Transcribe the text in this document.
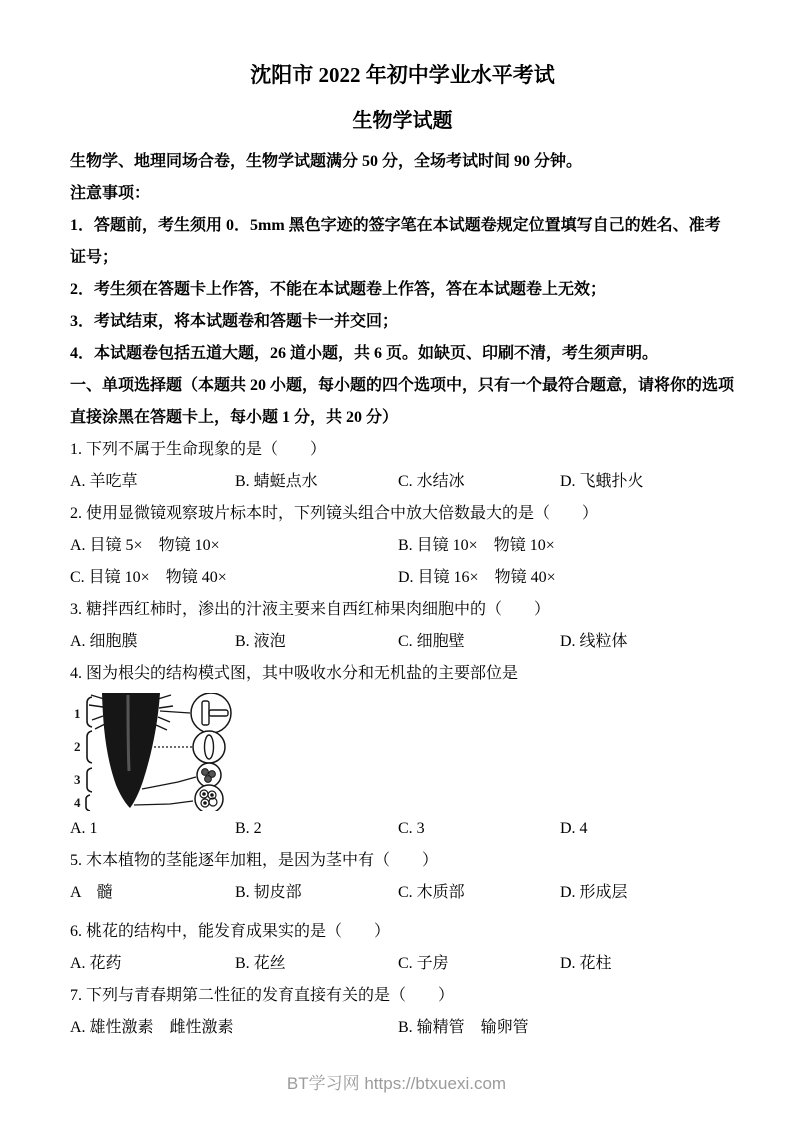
沈阳市 2022 年初中学业水平考试
生物学试题

生物学、地理同场合卷，生物学试题满分 50 分，全场考试时间 90 分钟。

注意事项：

1．答题前，考生须用 0．5mm 黑色字迹的签字笔在本试题卷规定位置填写自己的姓名、准考证号；

2．考生须在答题卡上作答，不能在本试题卷上作答，答在本试题卷上无效；

3．考试结束，将本试题卷和答题卡一并交回；

4．本试题卷包括五道大题，26 道小题，共 6 页。如缺页、印刷不清，考生须声明。

一、单项选择题（本题共 20 小题，每小题的四个选项中，只有一个最符合题意，请将你的选项直接涂黑在答题卡上，每小题 1 分，共 20 分）

1. 下列不属于生命现象的是（　　）

A. 羊吃草	B. 蜻蜓点水	C. 水结冰	D. 飞蛾扑火

2. 使用显微镜观察玻片标本时，下列镜头组合中放大倍数最大的是（　　）

A. 目镜 5×　物镜 10×	B. 目镜 10×　物镜 10×
C. 目镜 10×　物镜 40×	D. 目镜 16×　物镜 40×

3. 糖拌西红柿时，渗出的汁液主要来自西红柿果肉细胞中的（　　）

A. 细胞膜	B. 液泡	C. 细胞壁	D. 线粒体

4. 图为根尖的结构模式图，其中吸收水分和无机盐的主要部位是

1
2
3
4
A. 1	B. 2	C. 3	D. 4

5. 木本植物的茎能逐年加粗，是因为茎中有（　　）

A　髓	B. 韧皮部	C. 木质部	D. 形成层

6. 桃花的结构中，能发育成果实的是（　　）

A. 花药	B. 花丝	C. 子房	D. 花柱

7. 下列与青春期第二性征的发育直接有关的是（　　）

A. 雄性激素　雌性激素	B. 输精管　输卵管
BT学习网 https://btxuexi.com
